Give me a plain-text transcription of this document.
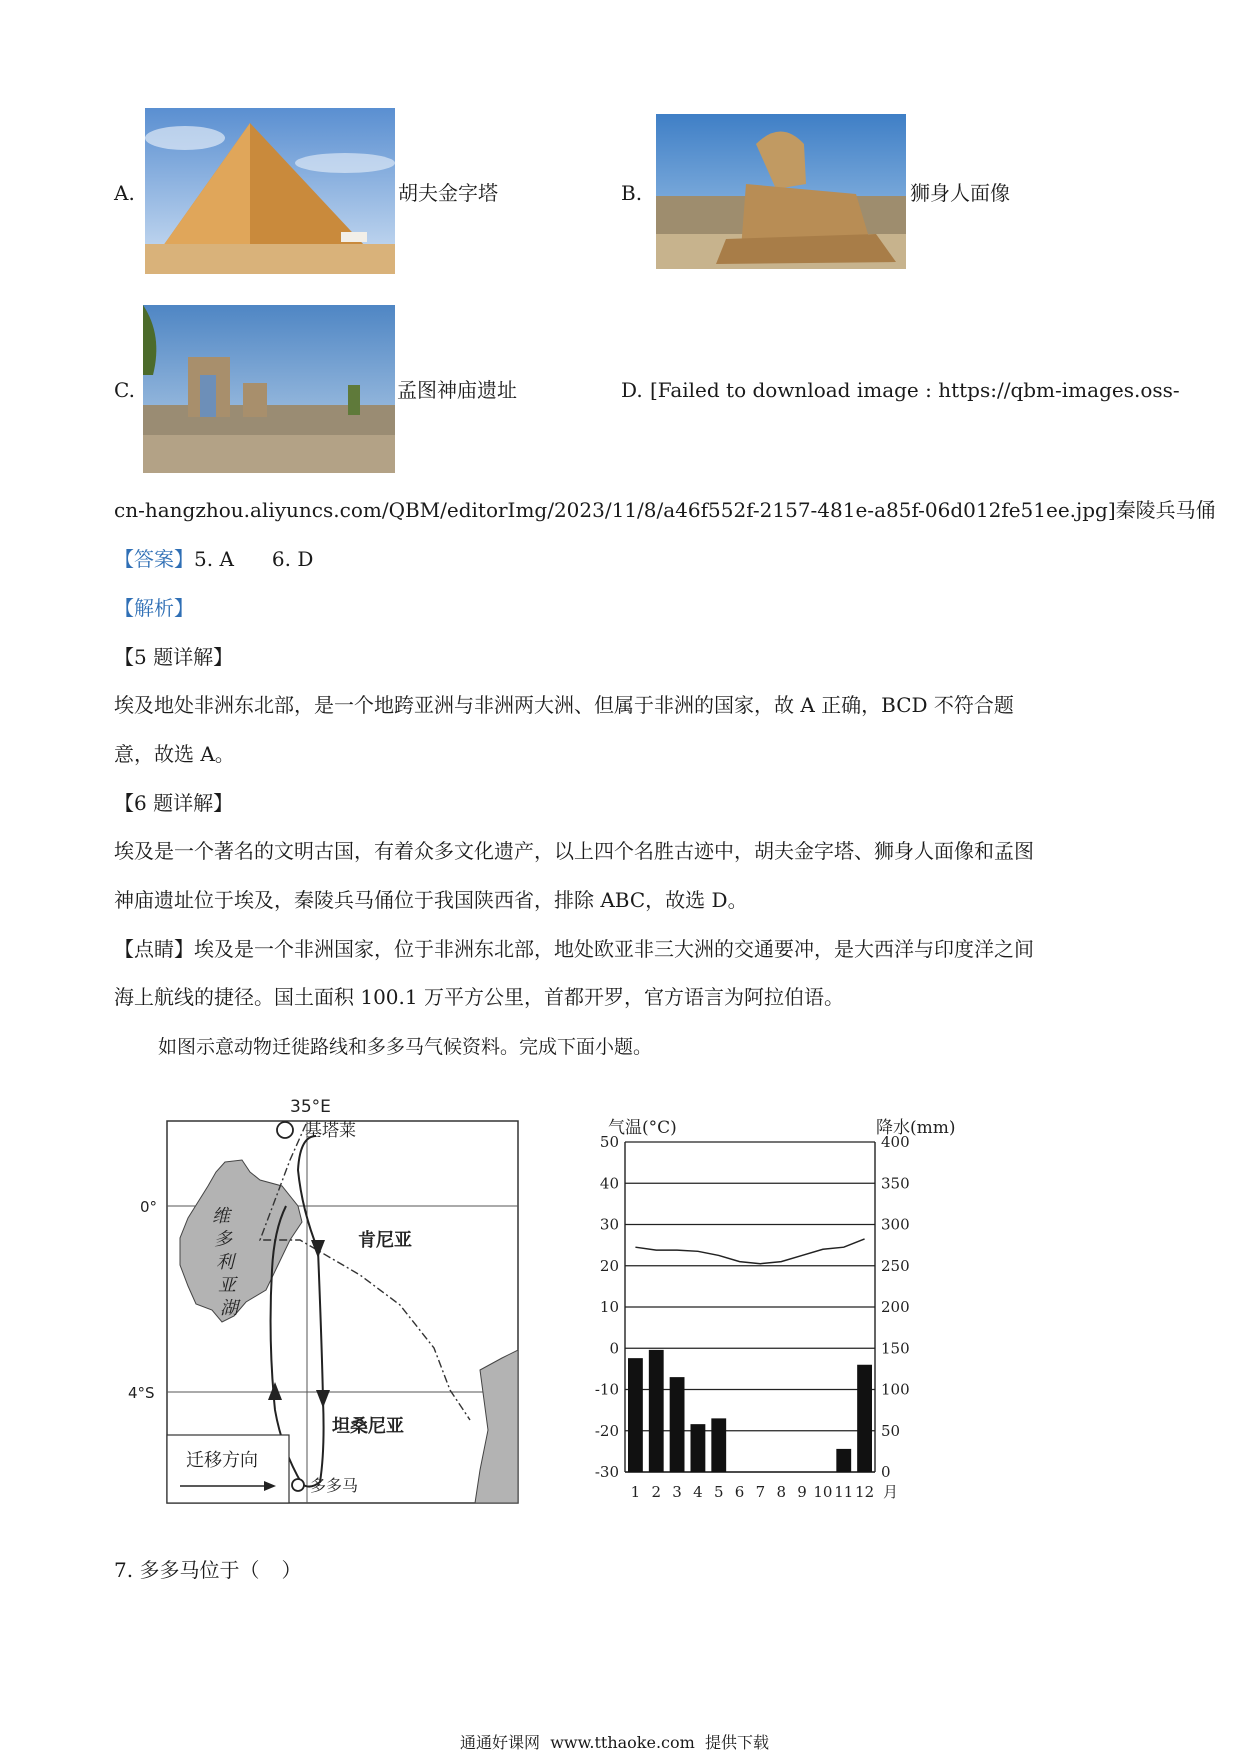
A.	胡夫金字塔	B.	狮身人面像
C.	孟图神庙遗址	D. [Failed to download image : https://qbm-images.oss-
cn-hangzhou.aliyuncs.com/QBM/editorImg/2023/11/8/a46f552f-2157-481e-a85f-06d012fe51ee.jpg]秦陵兵马俑
【答案】5. A 6. D
【解析】
【5 题详解】
埃及地处非洲东北部，是一个地跨亚洲与非洲两大洲、但属于非洲的国家，故 A 正确，BCD 不符合题
意，故选 A。
【6 题详解】
埃及是一个著名的文明古国，有着众多文化遗产，以上四个名胜古迹中，胡夫金字塔、狮身人面像和孟图
神庙遗址位于埃及，秦陵兵马俑位于我国陕西省，排除 ABC，故选 D。
【点睛】埃及是一个非洲国家，位于非洲东北部，地处欧亚非三大洲的交通要冲，是大西洋与印度洋之间
海上航线的捷径。国土面积 100.1 万平方公里，首都开罗，官方语言为阿拉伯语。
如图示意动物迁徙路线和多多马气候资料。完成下面小题。
35°E
0°
4°S
维
多
利
亚
湖
基塔莱
肯尼亚
坦桑尼亚
多多马
迁移方向
气温(°C)	降水(mm)
50
40
30
20
10
0
-10
-20
-30
400
350
300
250
200
150
100
50
0
1 2 3 4 5 6 7 8 9 10 11 12 月
7. 多多马位于（ ）
通通好课网 www.tthaoke.com 提供下载
